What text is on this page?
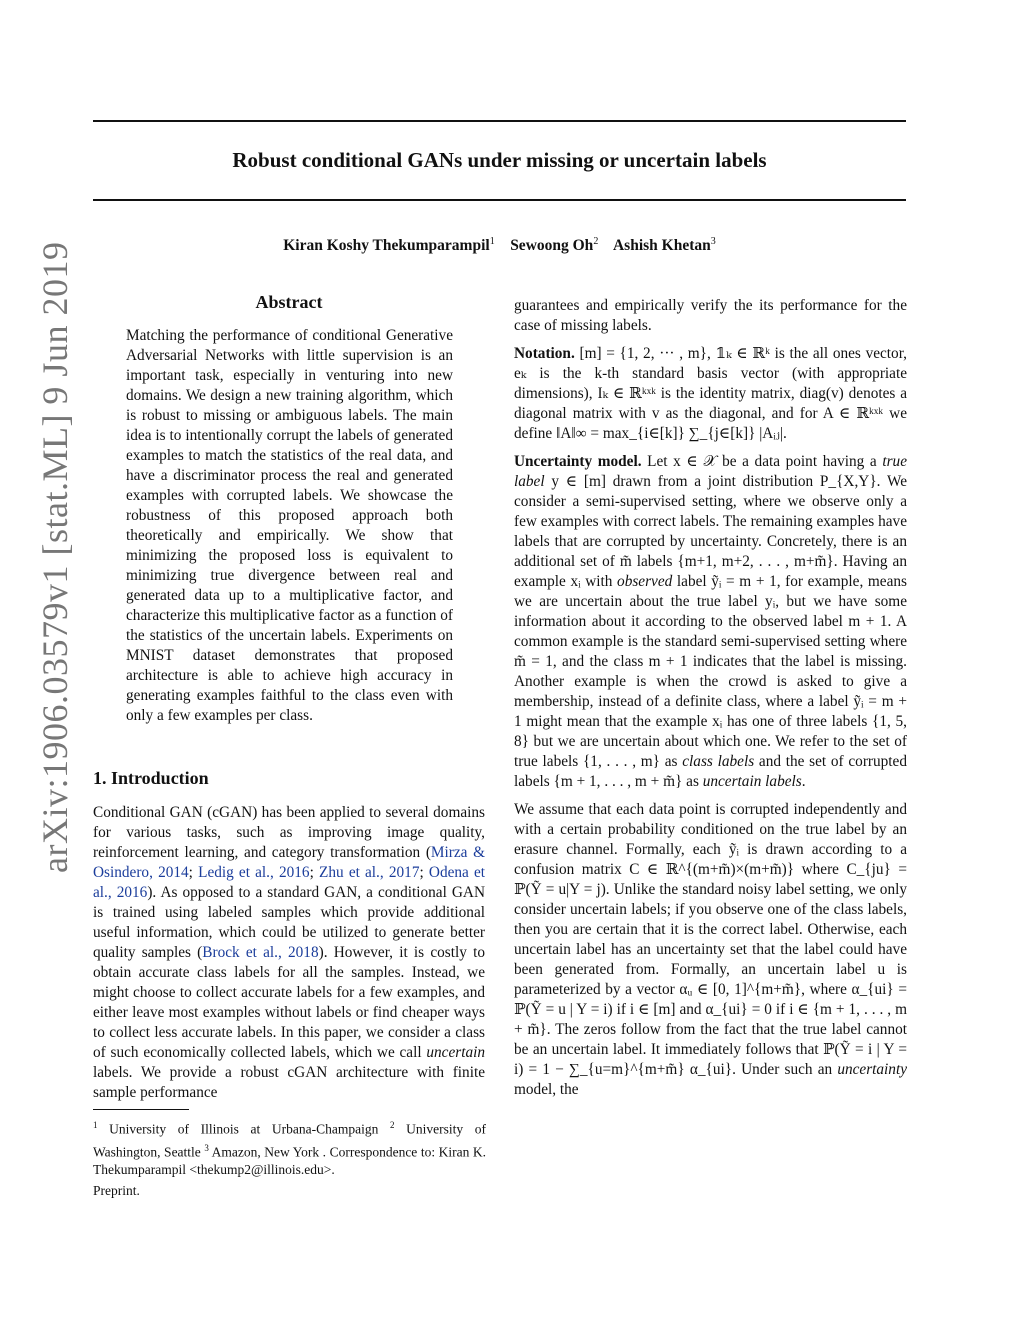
Robust conditional GANs under missing or uncertain labels
Kiran Koshy Thekumparampil$^1$ Sewoong Oh$^2$ Ashish Khetan$^3$
arXiv:1906.03579v1 [stat.ML] 9 Jun 2019	Abstract
Matching the performance of conditional Generative Adversarial Networks with little supervision is an important task, especially in venturing into new domains. We design a new training algorithm, which is robust to missing or ambiguous labels. The main idea is to intentionally corrupt the labels of generated examples to match the statistics of the real data, and have a discriminator process the real and generated examples with corrupted labels. We showcase the robustness of this proposed approach both theoretically and empirically. We show that minimizing the proposed loss is equivalent to minimizing true divergence between real and generated data up to a multiplicative factor, and characterize this multiplicative factor as a function of the statistics of the uncertain labels. Experiments on MNIST dataset demonstrates that proposed architecture is able to achieve high accuracy in generating examples faithful to the class even with only a few examples per class.
1. Introduction
Conditional GAN (cGAN) has been applied to several domains for various tasks, such as improving image quality, reinforcement learning, and category transformation (Mirza & Osindero, 2014; Ledig et al., 2016; Zhu et al., 2017; Odena et al., 2016). As opposed to a standard GAN, a conditional GAN is trained using labeled samples which provide additional useful information, which could be utilized to generate better quality samples (Brock et al., 2018). However, it is costly to obtain accurate class labels for all the samples. Instead, we might choose to collect accurate labels for a few examples, and either leave most examples without labels or find cheaper ways to collect less accurate labels. In this paper, we consider a class of such economically collected labels, which we call uncertain labels. We provide a robust cGAN architecture with finite sample performance
$^1$ University of Illinois at Urbana-Champaign $^2$ University of Washington, Seattle $^3$ Amazon, New York . Correspondence to: Kiran K. Thekumparampil <thekump2@illinois.edu>.
Preprint.

guarantees and empirically verify the its performance for the case of missing labels.

Notation. [m] = {1, 2, ··· , m}, 𝟙ₖ ∈ ℝᵏ is the all ones vector, eₖ is the k-th standard basis vector (with appropriate dimensions), Iₖ ∈ ℝᵏˣᵏ is the identity matrix, diag(v) denotes a diagonal matrix with v as the diagonal, and for A ∈ ℝᵏˣᵏ we define ‖A‖∞ = max_{i∈[k]} ∑_{j∈[k]} |Aᵢⱼ|.

Uncertainty model. Let x ∈ 𝒳 be a data point having a true label y ∈ [m] drawn from a joint distribution P_{X,Y}. We consider a semi-supervised setting, where we observe only a few examples with correct labels. The remaining examples have labels that are corrupted by uncertainty. Concretely, there is an additional set of m̃ labels {m+1, m+2, . . . , m+m̃}. Having an example xᵢ with observed label ỹᵢ = m + 1, for example, means we are uncertain about the true label yᵢ, but we have some information about it according to the observed label m + 1. A common example is the standard semi-supervised setting where m̃ = 1, and the class m + 1 indicates that the label is missing. Another example is when the crowd is asked to give a membership, instead of a definite class, where a label ỹᵢ = m + 1 might mean that the example xᵢ has one of three labels {1, 5, 8} but we are uncertain about which one. We refer to the set of true labels {1, . . . , m} as class labels and the set of corrupted labels {m + 1, . . . , m + m̃} as uncertain labels.

We assume that each data point is corrupted independently and with a certain probability conditioned on the true label by an erasure channel. Formally, each ỹᵢ is drawn according to a confusion matrix C ∈ ℝ^{(m+m̃)×(m+m̃)} where C_{ju} = ℙ(Ỹ = u|Y = j). Unlike the standard noisy label setting, we only consider uncertain labels; if you observe one of the class labels, then you are certain that it is the correct label. Otherwise, each uncertain label has an uncertainty set that the label could have been generated from. Formally, an uncertain label u is parameterized by a vector αᵤ ∈ [0, 1]^{m+m̃}, where α_{ui} = ℙ(Ỹ = u | Y = i) if i ∈ [m] and α_{ui} = 0 if i ∈ {m + 1, . . . , m + m̃}. The zeros follow from the fact that the true label cannot be an uncertain label. It immediately follows that ℙ(Ỹ = i | Y = i) = 1 − ∑_{u=m}^{m+m̃} α_{ui}. Under such an uncertainty model, the
